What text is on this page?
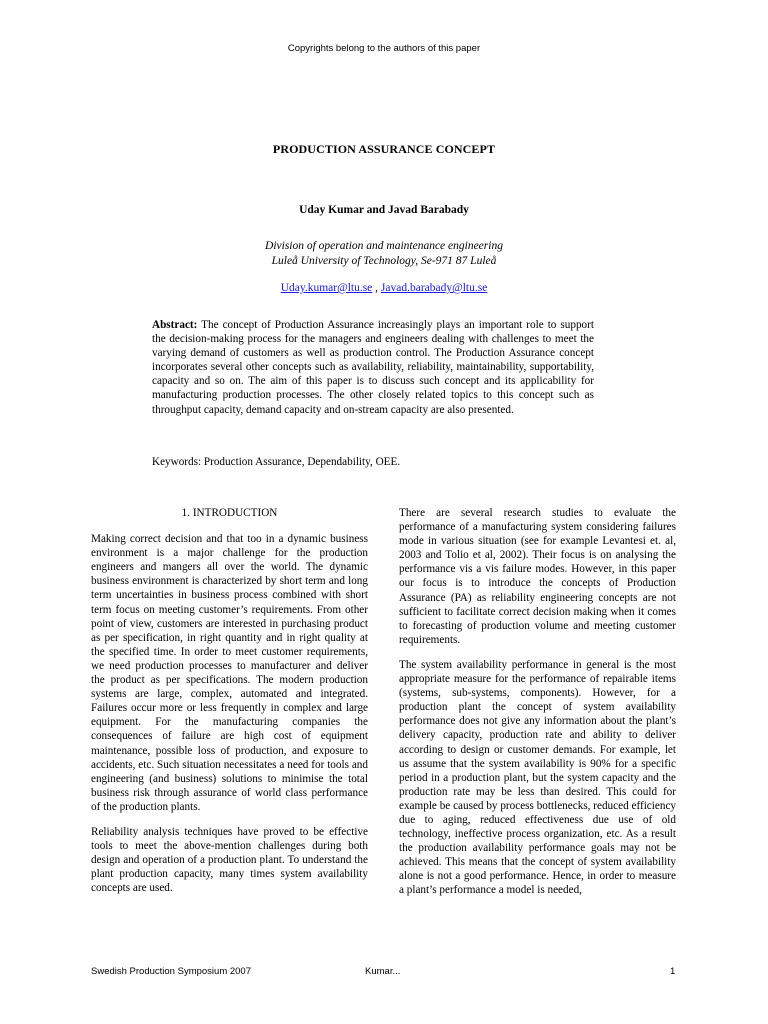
Copyrights belong to the authors of this paper
PRODUCTION ASSURANCE CONCEPT
Uday Kumar and Javad Barabady
Division of operation and maintenance engineering
Luleå University of Technology, Se-971 87 Luleå
Uday.kumar@ltu.se , Javad.barabady@ltu.se
Abstract: The concept of Production Assurance increasingly plays an important role to support the decision-making process for the managers and engineers dealing with challenges to meet the varying demand of customers as well as production control. The Production Assurance concept incorporates several other concepts such as availability, reliability, maintainability, supportability, capacity and so on. The aim of this paper is to discuss such concept and its applicability for manufacturing production processes. The other closely related topics to this concept such as throughput capacity, demand capacity and on-stream capacity are also presented.
Keywords: Production Assurance, Dependability, OEE.
1. INTRODUCTION

Making correct decision and that too in a dynamic business environment is a major challenge for the production engineers and mangers all over the world. The dynamic business environment is characterized by short term and long term uncertainties in business process combined with short term focus on meeting customer’s requirements. From other point of view, customers are interested in purchasing product as per specification, in right quantity and in right quality at the specified time. In order to meet customer requirements, we need production processes to manufacturer and deliver the product as per specifications. The modern production systems are large, complex, automated and integrated. Failures occur more or less frequently in complex and large equipment. For the manufacturing companies the consequences of failure are high cost of equipment maintenance, possible loss of production, and exposure to accidents, etc. Such situation necessitates a need for tools and engineering (and business) solutions to minimise the total business risk through assurance of world class performance of the production plants.

Reliability analysis techniques have proved to be effective tools to meet the above-mention challenges during both design and operation of a production plant. To understand the plant production capacity, many times system availability concepts are used.

There are several research studies to evaluate the performance of a manufacturing system considering failures mode in various situation (see for example Levantesi et. al, 2003 and Tolio et al, 2002). Their focus is on analysing the performance vis a vis failure modes. However, in this paper our focus is to introduce the concepts of Production Assurance (PA) as reliability engineering concepts are not sufficient to facilitate correct decision making when it comes to forecasting of production volume and meeting customer requirements.

The system availability performance in general is the most appropriate measure for the performance of repairable items (systems, sub-systems, components). However, for a production plant the concept of system availability performance does not give any information about the plant’s delivery capacity, production rate and ability to deliver according to design or customer demands. For example, let us assume that the system availability is 90% for a specific period in a production plant, but the system capacity and the production rate may be less than desired. This could for example be caused by process bottlenecks, reduced efficiency due to aging, reduced effectiveness due use of old technology, ineffective process organization, etc. As a result the production availability performance goals may not be achieved. This means that the concept of system availability alone is not a good performance. Hence, in order to measure a plant’s performance a model is needed,

Swedish Production Symposium 2007	Kumar...	1
